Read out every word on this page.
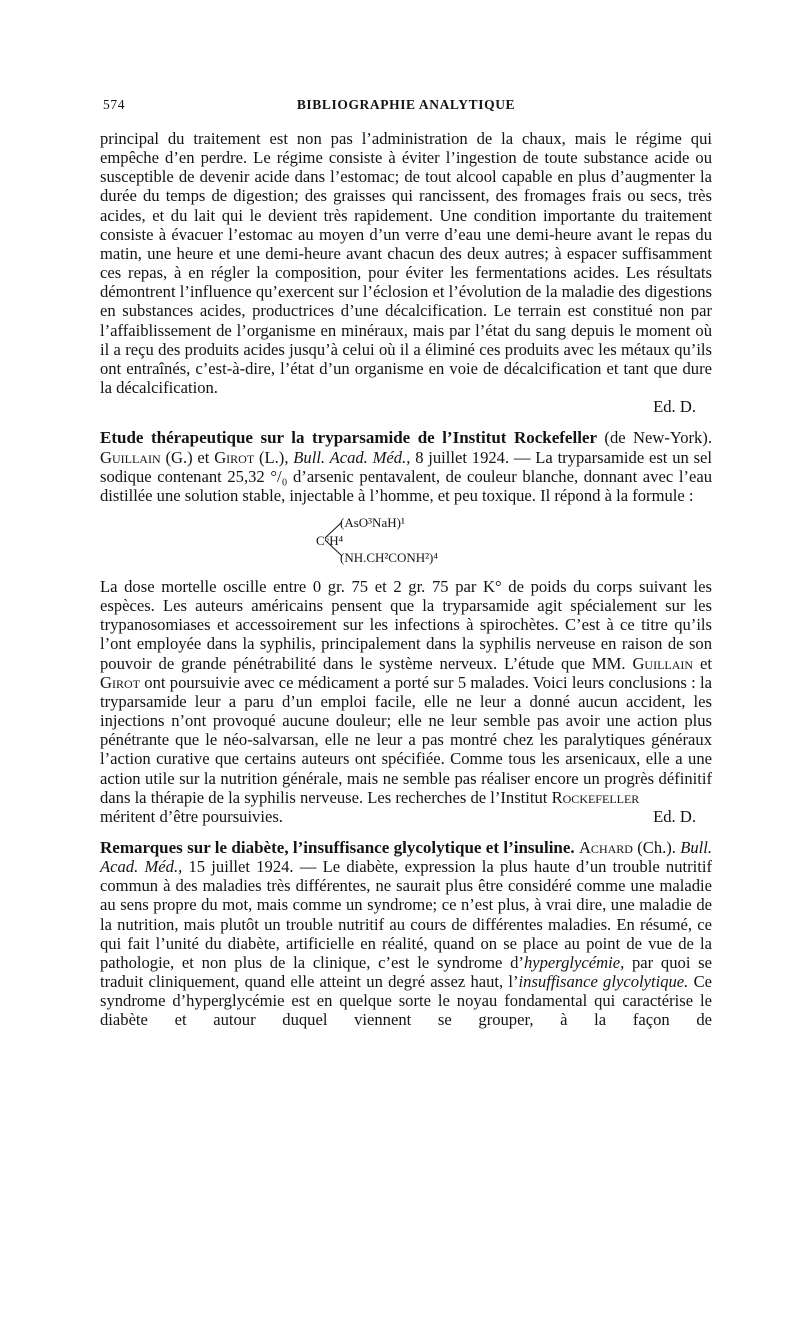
574	BIBLIOGRAPHIE ANALYTIQUE

principal du traitement est non pas l’administration de la chaux, mais le régime qui empêche d’en perdre. Le régime consiste à éviter l’ingestion de toute substance acide ou susceptible de devenir acide dans l’estomac; de tout alcool capable en plus d’augmenter la durée du temps de digestion; des graisses qui rancissent, des fromages frais ou secs, très acides, et du lait qui le devient très rapidement. Une condition importante du traitement consiste à évacuer l’estomac au moyen d’un verre d’eau une demi-heure avant le repas du matin, une heure et une demi-heure avant chacun des deux autres; à espacer suffisamment ces repas, à en régler la composition, pour éviter les fermentations acides. Les résultats démontrent l’influence qu’exercent sur l’éclosion et l’évolution de la maladie des digestions en substances acides, productrices d’une décalcification. Le terrain est constitué non par l’affaiblissement de l’organisme en minéraux, mais par l’état du sang depuis le moment où il a reçu des produits acides jusqu’à celui où il a éliminé ces produits avec les métaux qu’ils ont entraînés, c’est-à-dire, l’état d’un organisme en voie de décalcification et tant que dure la décalcification.

Ed. D.

Etude thérapeutique sur la tryparsamide de l’Institut Rockefeller (de New-York). Guillain (G.) et Girot (L.), Bull. Acad. Méd., 8 juillet 1924. — La tryparsamide est un sel sodique contenant 25,32 °/₀ d’arsenic pentavalent, de couleur blanche, donnant avec l’eau distillée une solution stable, injectable à l’homme, et peu toxique. Il répond à la formule :

C⁶H⁴
(AsO³NaH)¹
(NH.CH²CONH²)⁴

La dose mortelle oscille entre 0 gr. 75 et 2 gr. 75 par K° de poids du corps suivant les espèces. Les auteurs américains pensent que la tryparsamide agit spécialement sur les trypanosomiases et accessoirement sur les infections à spirochètes. C’est à ce titre qu’ils l’ont employée dans la syphilis, principalement dans la syphilis nerveuse en raison de son pouvoir de grande pénétrabilité dans le système nerveux. L’étude que MM. Guillain et Girot ont poursuivie avec ce médicament a porté sur 5 malades. Voici leurs conclusions : la tryparsamide leur a paru d’un emploi facile, elle ne leur a donné aucun accident, les injections n’ont provoqué aucune douleur; elle ne leur semble pas avoir une action plus pénétrante que le néo-salvarsan, elle ne leur a pas montré chez les paralytiques généraux l’action curative que certains auteurs ont spécifiée. Comme tous les arsenicaux, elle a une action utile sur la nutrition générale, mais ne semble pas réaliser encore un progrès définitif dans la thérapie de la syphilis nerveuse. Les recherches de l’Institut Rockefeller

méritent d’être poursuivies.	Ed. D.

Remarques sur le diabète, l’insuffisance glycolytique et l’insuline. Achard (Ch.). Bull. Acad. Méd., 15 juillet 1924. — Le diabète, expression la plus haute d’un trouble nutritif commun à des maladies très différentes, ne saurait plus être considéré comme une maladie au sens propre du mot, mais comme un syndrome; ce n’est plus, à vrai dire, une maladie de la nutrition, mais plutôt un trouble nutritif au cours de différentes maladies. En résumé, ce qui fait l’unité du diabète, artificielle en réalité, quand on se place au point de vue de la pathologie, et non plus de la clinique, c’est le syndrome d’hyperglycémie, par quoi se traduit cliniquement, quand elle atteint un degré assez haut, l’insuffisance glycolytique. Ce syndrome d’hyperglycémie est en quelque sorte le noyau fondamental qui caractérise le diabète et autour duquel viennent se grouper, à la façon de
